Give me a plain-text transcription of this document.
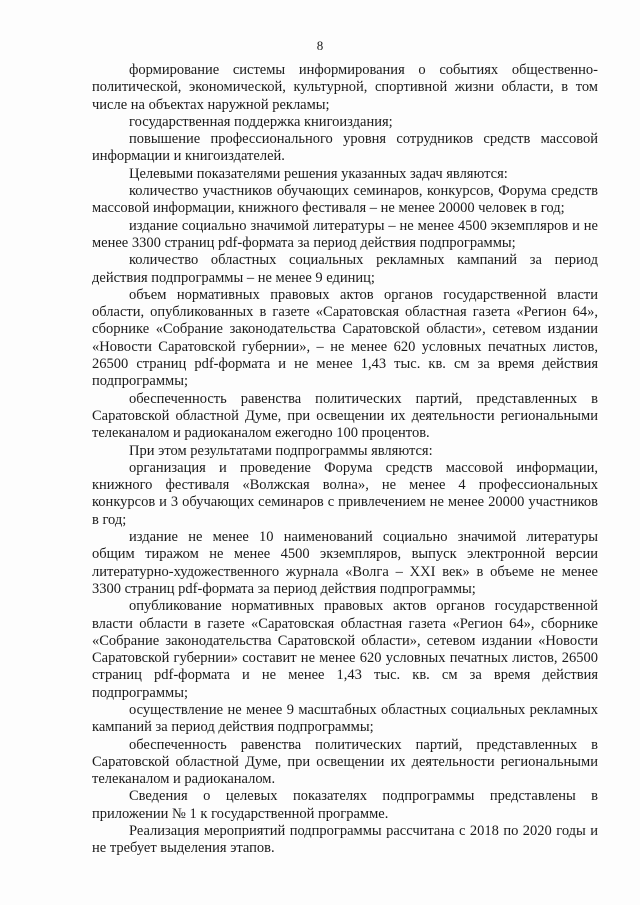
8

формирование системы информирования о событиях общественно-политической, экономической, культурной, спортивной жизни области, в том числе на объектах наружной рекламы;

государственная поддержка книгоиздания;

повышение профессионального уровня сотрудников средств массовой информации и книгоиздателей.

Целевыми показателями решения указанных задач являются:

количество участников обучающих семинаров, конкурсов, Форума средств массовой информации, книжного фестиваля – не менее 20000 человек в год;

издание социально значимой литературы – не менее 4500 экземпляров и не менее 3300 страниц pdf-формата за период действия подпрограммы;

количество областных социальных рекламных кампаний за период действия подпрограммы – не менее 9 единиц;

объем нормативных правовых актов органов государственной власти области, опубликованных в газете «Саратовская областная газета «Регион 64», сборнике «Собрание законодательства Саратовской области», сетевом издании «Новости Саратовской губернии», – не менее 620 условных печатных листов, 26500 страниц pdf-формата и не менее 1,43 тыс. кв. см за время действия подпрограммы;

обеспеченность равенства политических партий, представленных в Саратовской областной Думе, при освещении их деятельности региональными телеканалом и радиоканалом ежегодно 100 процентов.

При этом результатами подпрограммы являются:

организация и проведение Форума средств массовой информации, книжного фестиваля «Волжская волна», не менее 4 профессиональных конкурсов и 3 обучающих семинаров с привлечением не менее 20000 участников в год;

издание не менее 10 наименований социально значимой литературы общим тиражом не менее 4500 экземпляров, выпуск электронной версии литературно-художественного журнала «Волга – XXI век» в объеме не менее 3300 страниц pdf-формата за период действия подпрограммы;

опубликование нормативных правовых актов органов государственной власти области в газете «Саратовская областная газета «Регион 64», сборнике «Собрание законодательства Саратовской области», сетевом издании «Новости Саратовской губернии» составит не менее 620 условных печатных листов, 26500 страниц pdf-формата и не менее 1,43 тыс. кв. см за время действия подпрограммы;

осуществление не менее 9 масштабных областных социальных рекламных кампаний за период действия подпрограммы;

обеспеченность равенства политических партий, представленных в Саратовской областной Думе, при освещении их деятельности региональными телеканалом и радиоканалом.

Сведения о целевых показателях подпрограммы представлены в приложении № 1 к государственной программе.

Реализация мероприятий подпрограммы рассчитана с 2018 по 2020 годы и не требует выделения этапов.
